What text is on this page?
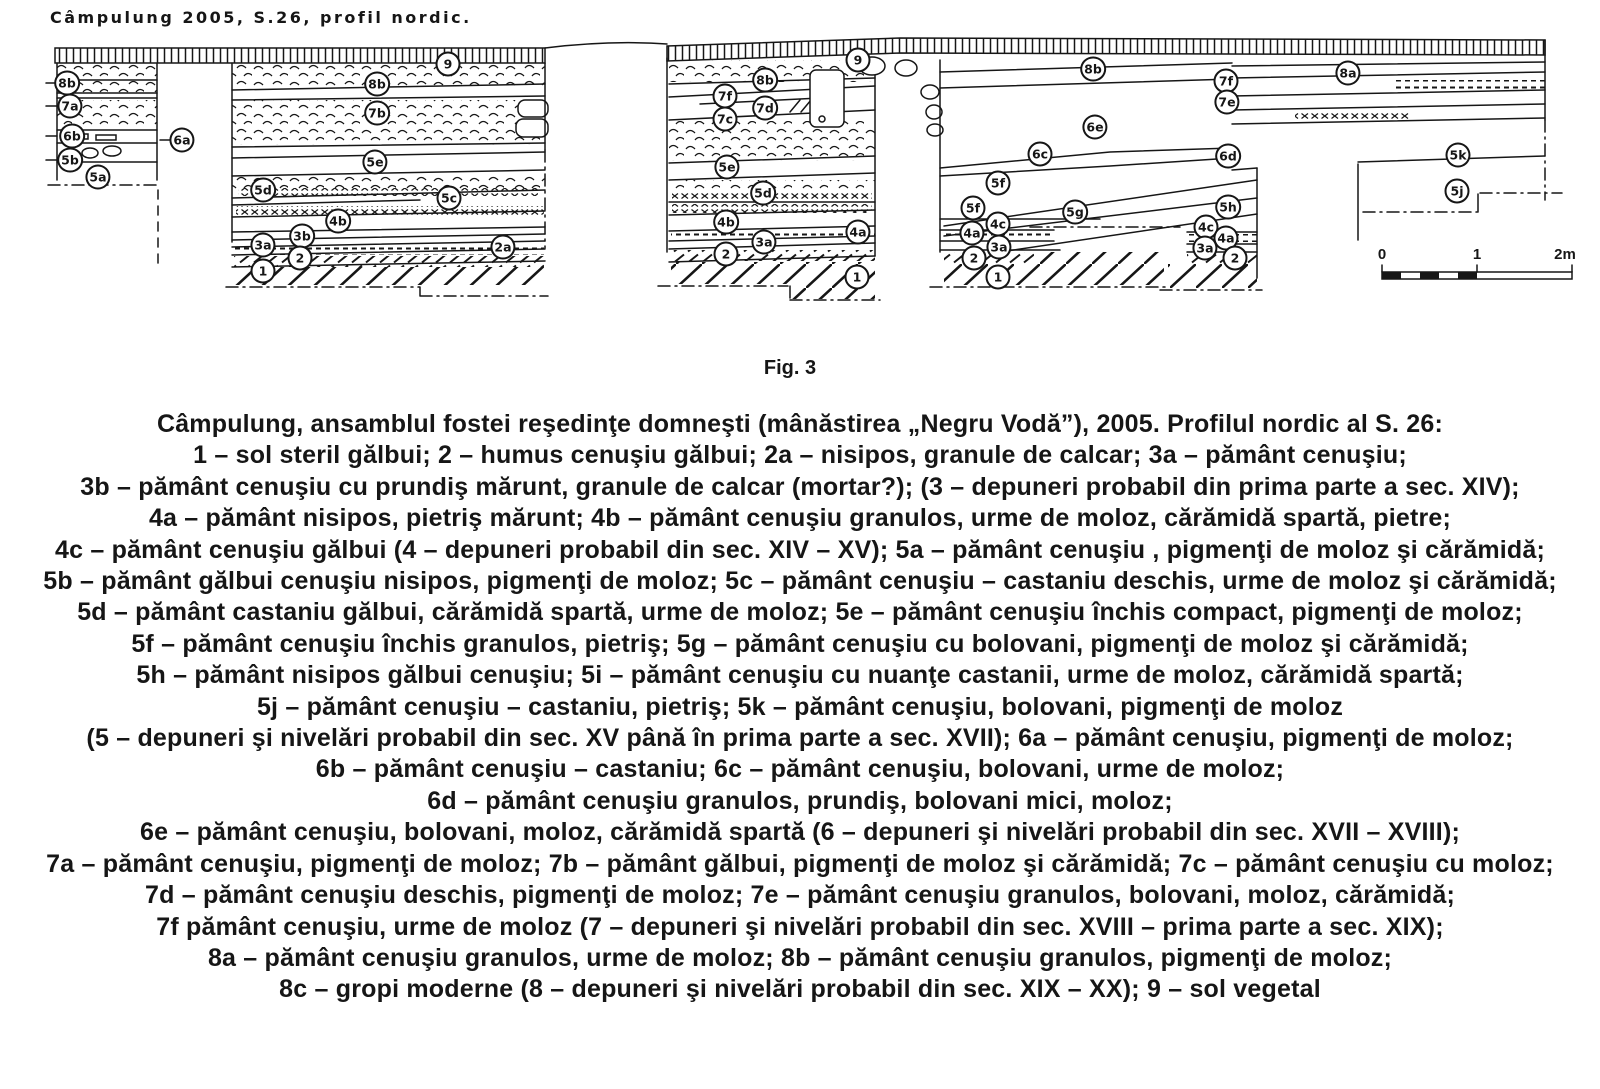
Câmpulung 2005, S.26, profil nordic.
8b
7a
6b
5b
5a
6a
9
8b
7b
5e
5d
5c
4b
3b
3a
2
1
2a
9
8b
7f
7d
7c
5e
5d
4b
4a
3a
2
1
8b
6e
6c
5f
5f	5g
4c
4a
3a
2
1
8a
7f
7e
6d	5k
5j
5h
4c
4a
3a
2	0	1	2m
Fig. 3
Câmpulung, ansamblul fostei reşedinţe domneşti (mânăstirea „Negru Vodă”), 2005. Profilul nordic al S. 26:
1 – sol steril gălbui; 2 – humus cenuşiu gălbui; 2a – nisipos, granule de calcar; 3a – pământ cenuşiu;
3b – pământ cenuşiu cu prundiş mărunt, granule de calcar (mortar?); (3 – depuneri probabil din prima parte a sec. XIV);
4a – pământ nisipos, pietriş mărunt; 4b – pământ cenuşiu granulos, urme de moloz, cărămidă spartă, pietre;
4c – pământ cenuşiu gălbui (4 – depuneri probabil din sec. XIV – XV); 5a – pământ cenuşiu , pigmenţi de moloz şi cărămidă;
5b – pământ gălbui cenuşiu nisipos, pigmenţi de moloz; 5c – pământ cenuşiu – castaniu deschis, urme de moloz şi cărămidă;
5d – pământ castaniu gălbui, cărămidă spartă, urme de moloz; 5e – pământ cenuşiu închis compact, pigmenţi de moloz;
5f – pământ cenuşiu închis granulos, pietriş; 5g – pământ cenuşiu cu bolovani, pigmenţi de moloz şi cărămidă;
5h – pământ nisipos gălbui cenuşiu; 5i – pământ cenuşiu cu nuanţe castanii, urme de moloz, cărămidă spartă;
5j – pământ cenuşiu – castaniu, pietriş; 5k – pământ cenuşiu, bolovani, pigmenţi de moloz
(5 – depuneri şi nivelări probabil din sec. XV până în prima parte a sec. XVII); 6a – pământ cenuşiu, pigmenţi de moloz;
6b – pământ cenuşiu – castaniu; 6c – pământ cenuşiu, bolovani, urme de moloz;
6d – pământ cenuşiu granulos, prundiş, bolovani mici, moloz;
6e – pământ cenuşiu, bolovani, moloz, cărămidă spartă (6 – depuneri şi nivelări probabil din sec. XVII – XVIII);
7a – pământ cenuşiu, pigmenţi de moloz; 7b – pământ gălbui, pigmenţi de moloz şi cărămidă; 7c – pământ cenuşiu cu moloz;
7d – pământ cenuşiu deschis, pigmenţi de moloz; 7e – pământ cenuşiu granulos, bolovani, moloz, cărămidă;
7f pământ cenuşiu, urme de moloz (7 – depuneri şi nivelări probabil din sec. XVIII – prima parte a sec. XIX);
8a – pământ cenuşiu granulos, urme de moloz; 8b – pământ cenuşiu granulos, pigmenţi de moloz;
8c – gropi moderne (8 – depuneri şi nivelări probabil din sec. XIX – XX); 9 – sol vegetal
